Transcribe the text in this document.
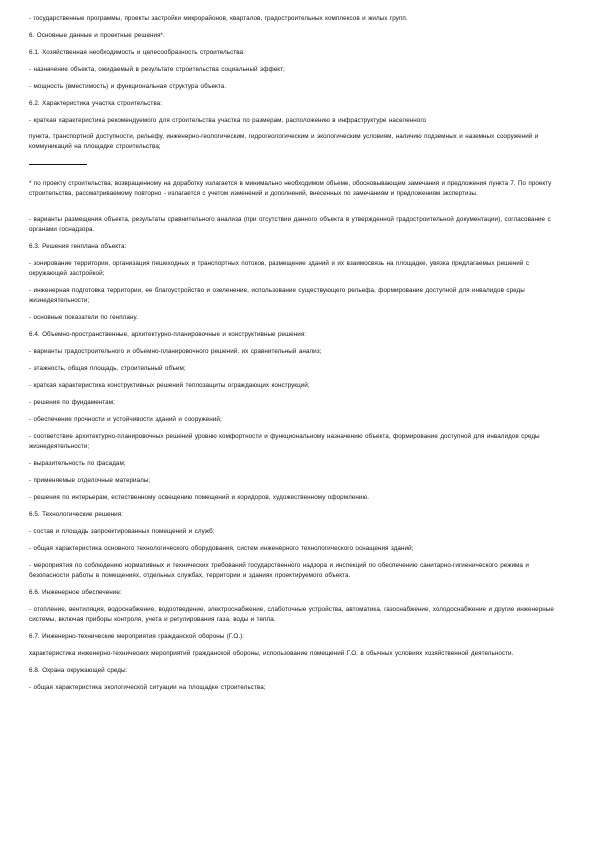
- государственные программы, проекты застройки микрорайонов, кварталов, градостроительных комплексов и жилых групп.

6. Основные данные и проектные решения*.

6.1. Хозяйственная необходимость и целесообразность строительства:

- назначение объекта, ожидаемый в результате строительства социальный эффект;

- мощность (вместимость) и функциональная структура объекта.

6.2. Характеристика участка строительства:

- краткая характеристика рекомендуемого для строительства участка по размерам, расположению в инфраструктуре населенного

пункта, транспортной доступности, рельефу, инженерно-геологическим, гидрогеологическим и экологическим условиям, наличию подземных и наземных сооружений и коммуникаций на площадке строительства;

* по проекту строительства, возвращенному на доработку излагается в минимально необходимом объеме, обосновывающем замечания и предложения пункта 7. По проекту строительства, рассматриваемому повторно - излагается с учетом изменений и дополнений, внесенных по замечаниям и предложениям экспертизы.

- варианты размещения объекта, результаты сравнительного анализа (при отсутствии данного объекта в утвержденной градостроительной документации), согласование с органами госнадзора.

6.3. Решения генплана объекта:

- зонирование территории, организация пешеходных и транспортных потоков, размещение зданий и их взаимосвязь на площадке, увязка предлагаемых решений с окружающей застройкой;

- инженерная подготовка территории, ее благоустройство и озеленение, использование существующего рельефа, формирование доступной для инвалидов среды жизнедеятельности;

- основные показатели по генплану.

6.4. Объемно-пространственные, архитектурно-планировочные и конструктивные решения:

- варианты градостроительного и объемно-планировочного решений, их сравнительный анализ;

- этажность, общая площадь, строительный объем;

- краткая характеристика конструктивных решений теплозащиты ограждающих конструкций;

- решения по фундаментам;

- обеспечение прочности и устойчивости зданий и сооружений;

- соответствие архитектурно-планировочных решений уровню комфортности и функциональному назначению объекта, формирование доступной для инвалидов среды жизнедеятельности;

- выразительность по фасадам;

- применяемые отделочные материалы;

- решения по интерьерам, естественному освещению помещений и коридоров, художественному оформлению.

6.5. Технологические решения:

- состав и площадь запроектированных помещений и служб;

- общая характеристика основного технологического оборудования, систем инженерного технологического оснащения зданий;

- мероприятия по соблюдению нормативных и технических требований государственного надзора и инспекций по обеспечению санитарно-гигиенического режима и безопасности работы в помещениях, отдельных службах, территории и зданиях проектируемого объекта.

6.6. Инженерное обеспечение:

- отопление, вентиляция, водоснабжение, водоотведение, электроснабжение, слаботочные устройства, автоматика, газоснабжение, холодоснабжение и другие инженерные системы, включая приборы контроля, учета и регулирования газа, воды и тепла.

6.7. Инженерно-технические мероприятия гражданской обороны (Г.О.):

характеристика инженерно-технических мероприятий гражданской обороны, использование помещений Г.О. в обычных условиях хозяйственной деятельности.

6.8. Охрана окружающей среды:

- общая характеристика экологической ситуации на площадке строительства;
